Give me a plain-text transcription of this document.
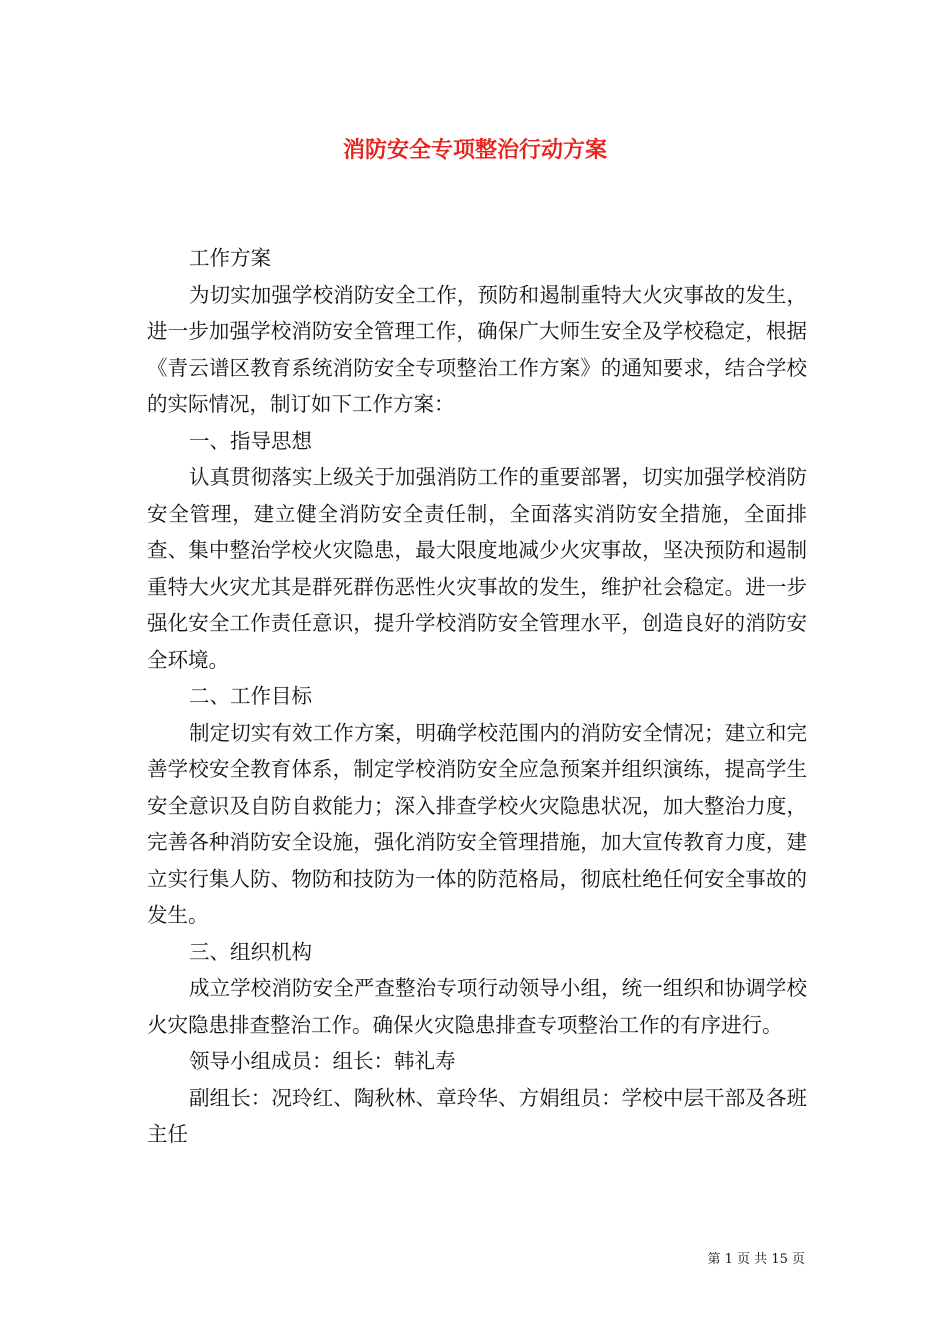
消防安全专项整治行动方案

工作方案

为切实加强学校消防安全工作，预防和遏制重特大火灾事故的发生，进一步加强学校消防安全管理工作，确保广大师生安全及学校稳定，根据《青云谱区教育系统消防安全专项整治工作方案》的通知要求，结合学校的实际情况，制订如下工作方案：

一、指导思想

认真贯彻落实上级关于加强消防工作的重要部署，切实加强学校消防安全管理，建立健全消防安全责任制，全面落实消防安全措施，全面排查、集中整治学校火灾隐患，最大限度地减少火灾事故，坚决预防和遏制重特大火灾尤其是群死群伤恶性火灾事故的发生，维护社会稳定。进一步强化安全工作责任意识，提升学校消防安全管理水平，创造良好的消防安全环境。

二、工作目标

制定切实有效工作方案，明确学校范围内的消防安全情况；建立和完善学校安全教育体系，制定学校消防安全应急预案并组织演练，提高学生安全意识及自防自救能力；深入排查学校火灾隐患状况，加大整治力度，完善各种消防安全设施，强化消防安全管理措施，加大宣传教育力度，建立实行集人防、物防和技防为一体的防范格局，彻底杜绝任何安全事故的发生。

三、组织机构

成立学校消防安全严查整治专项行动领导小组，统一组织和协调学校火灾隐患排查整治工作。确保火灾隐患排查专项整治工作的有序进行。

领导小组成员：组长：韩礼寿

副组长：况玲红、陶秋林、章玲华、方娟组员：学校中层干部及各班主任

第 1 页 共 15 页
